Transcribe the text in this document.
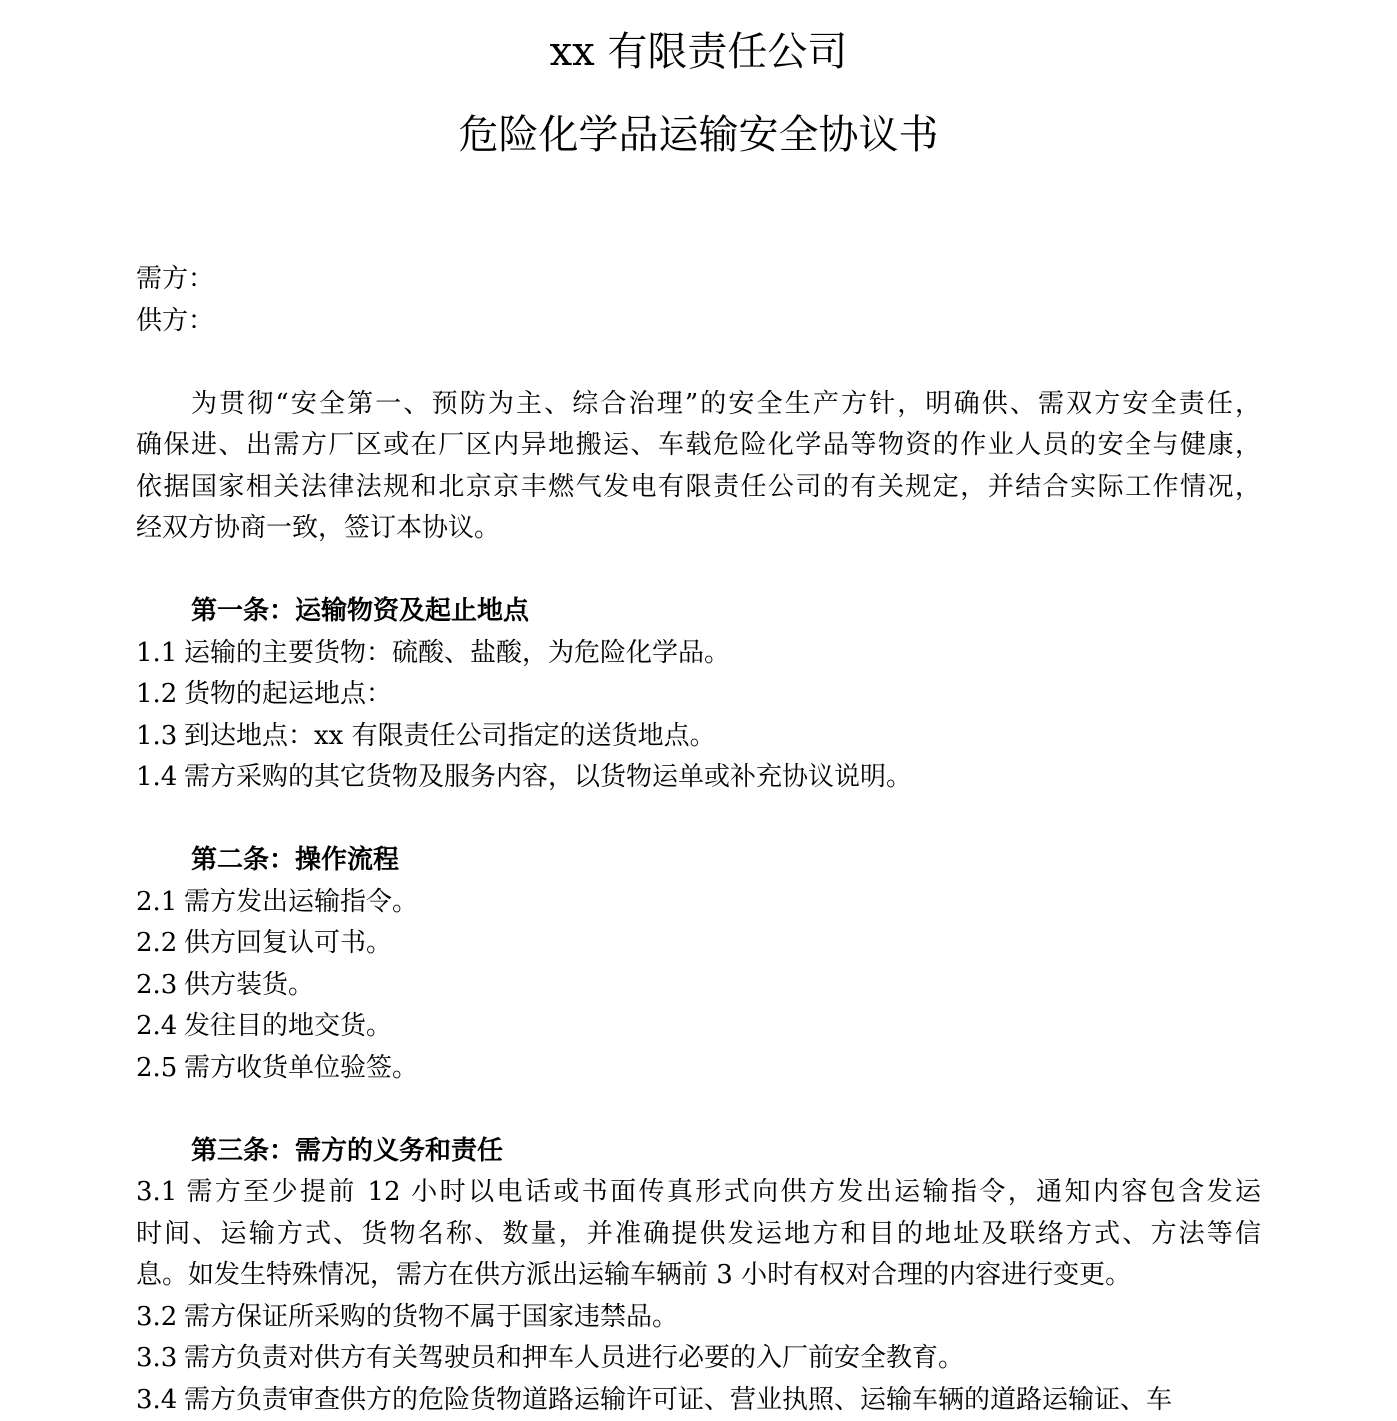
xx 有限责任公司
危险化学品运输安全协议书
需方：
供方：
为贯彻“安全第一、预防为主、综合治理”的安全生产方针，明确供、需双方安全责任，
确保进、出需方厂区或在厂区内异地搬运、车载危险化学品等物资的作业人员的安全与健康，
依据国家相关法律法规和北京京丰燃气发电有限责任公司的有关规定，并结合实际工作情况，
经双方协商一致，签订本协议。
第一条：运输物资及起止地点
1.1 运输的主要货物：硫酸、盐酸，为危险化学品。
1.2 货物的起运地点：
1.3 到达地点：xx 有限责任公司指定的送货地点。
1.4 需方采购的其它货物及服务内容，以货物运单或补充协议说明。
第二条：操作流程
2.1 需方发出运输指令。
2.2 供方回复认可书。
2.3 供方装货。
2.4 发往目的地交货。
2.5 需方收货单位验签。
第三条：需方的义务和责任
3.1 需方至少提前 12 小时以电话或书面传真形式向供方发出运输指令，通知内容包含发运
时间、运输方式、货物名称、数量，并准确提供发运地方和目的地址及联络方式、方法等信
息。如发生特殊情况，需方在供方派出运输车辆前 3 小时有权对合理的内容进行变更。
3.2 需方保证所采购的货物不属于国家违禁品。
3.3 需方负责对供方有关驾驶员和押车人员进行必要的入厂前安全教育。
3.4 需方负责审查供方的危险货物道路运输许可证、营业执照、运输车辆的道路运输证、车
